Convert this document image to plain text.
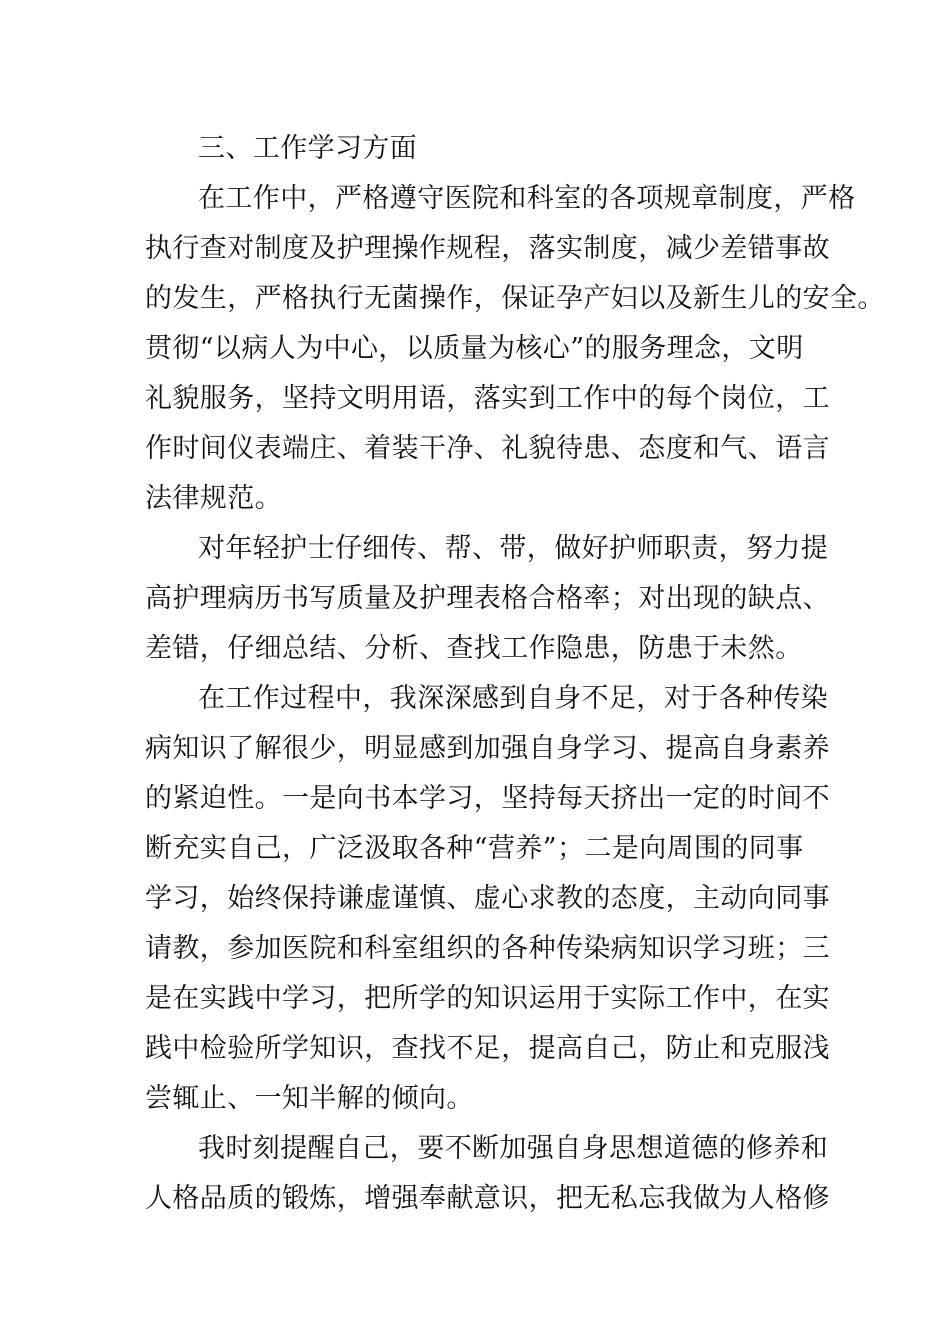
三、工作学习方面
在工作中，严格遵守医院和科室的各项规章制度，严格
执行查对制度及护理操作规程，落实制度，减少差错事故
的发生，严格执行无菌操作，保证孕产妇以及新生儿的安全。
贯彻“以病人为中心，以质量为核心”的服务理念，文明
礼貌服务，坚持文明用语，落实到工作中的每个岗位，工
作时间仪表端庄、着装干净、礼貌待患、态度和气、语言
法律规范。
对年轻护士仔细传、帮、带，做好护师职责，努力提
高护理病历书写质量及护理表格合格率；对出现的缺点、
差错，仔细总结、分析、查找工作隐患，防患于未然。
在工作过程中，我深深感到自身不足，对于各种传染
病知识了解很少，明显感到加强自身学习、提高自身素养
的紧迫性。一是向书本学习，坚持每天挤出一定的时间不
断充实自己，广泛汲取各种“营养”；二是向周围的同事
学习，始终保持谦虚谨慎、虚心求教的态度，主动向同事
请教，参加医院和科室组织的各种传染病知识学习班；三
是在实践中学习，把所学的知识运用于实际工作中，在实
践中检验所学知识，查找不足，提高自己，防止和克服浅
尝辄止、一知半解的倾向。
我时刻提醒自己，要不断加强自身思想道德的修养和
人格品质的锻炼，增强奉献意识，把无私忘我做为人格修
